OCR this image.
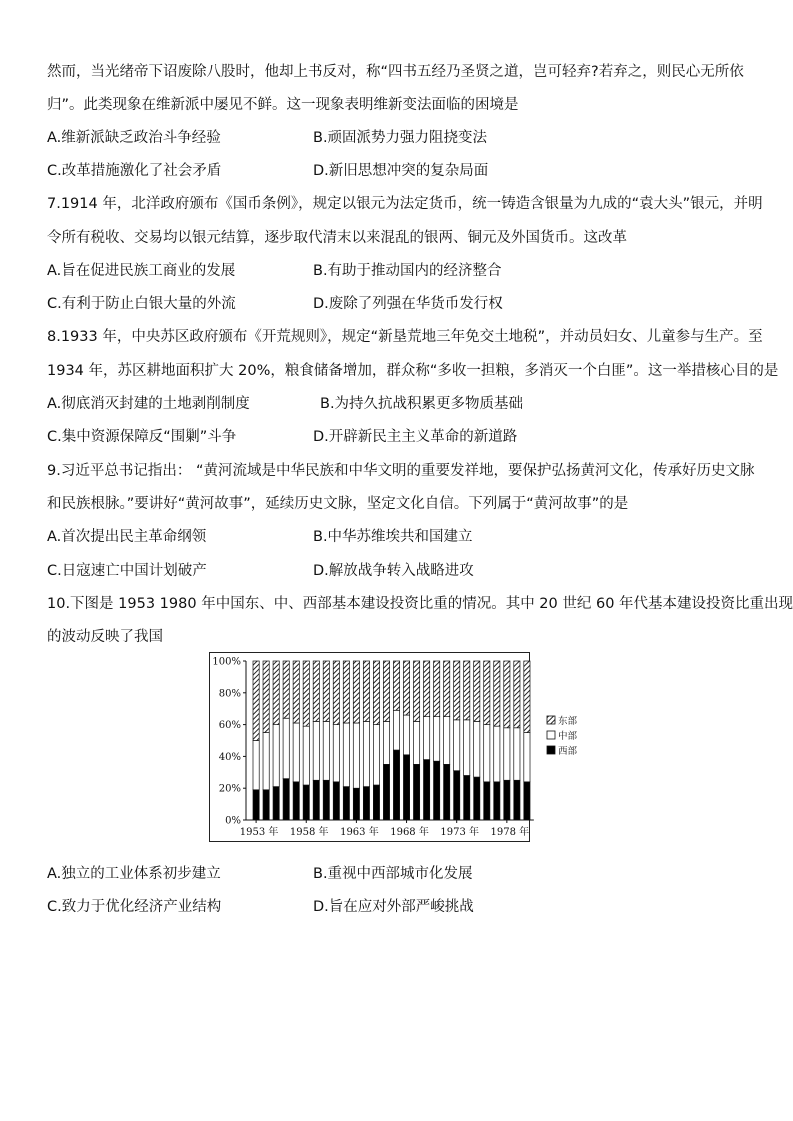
然而，当光绪帝下诏废除八股时，他却上书反对，称“四书五经乃圣贤之道，岂可轻弃?若弃之，则民心无所依
归”。此类现象在维新派中屡见不鲜。这一现象表明维新变法面临的困境是
A.维新派缺乏政治斗争经验	B.顽固派势力强力阻挠变法
C.改革措施激化了社会矛盾	D.新旧思想冲突的复杂局面
7.1914 年，北洋政府颁布《国币条例》，规定以银元为法定货币，统一铸造含银量为九成的“袁大头”银元，并明
令所有税收、交易均以银元结算，逐步取代清末以来混乱的银两、铜元及外国货币。这改革
A.旨在促进民族工商业的发展	B.有助于推动国内的经济整合
C.有利于防止白银大量的外流	D.废除了列强在华货币发行权
8.1933 年，中央苏区政府颁布《开荒规则》，规定“新垦荒地三年免交土地税”，并动员妇女、儿童参与生产。至
1934 年，苏区耕地面积扩大 20%，粮食储备增加，群众称“多收一担粮，多消灭一个白匪”。这一举措核心目的是
A.彻底消灭封建的土地剥削制度	B.为持久抗战积累更多物质基础
C.集中资源保障反“围剿”斗争	D.开辟新民主主义革命的新道路
9.习近平总书记指出： “黄河流域是中华民族和中华文明的重要发祥地，要保护弘扬黄河文化，传承好历史文脉
和民族根脉。”要讲好“黄河故事”，延续历史文脉，坚定文化自信。下列属于“黄河故事”的是
A.首次提出民主革命纲领	B.中华苏维埃共和国建立
C.日寇速亡中国计划破产	D.解放战争转入战略进攻
10.下图是 1953 1980 年中国东、中、西部基本建设投资比重的情况。其中 20 世纪 60 年代基本建设投资比重出现
的波动反映了我国
0%
20%
40%
60%
80%
100%
1953 年 1958 年 1963 年 1968 年 1973 年 1978 年
东部
中部
西部
A.独立的工业体系初步建立	B.重视中西部城市化发展
C.致力于优化经济产业结构	D.旨在应对外部严峻挑战
